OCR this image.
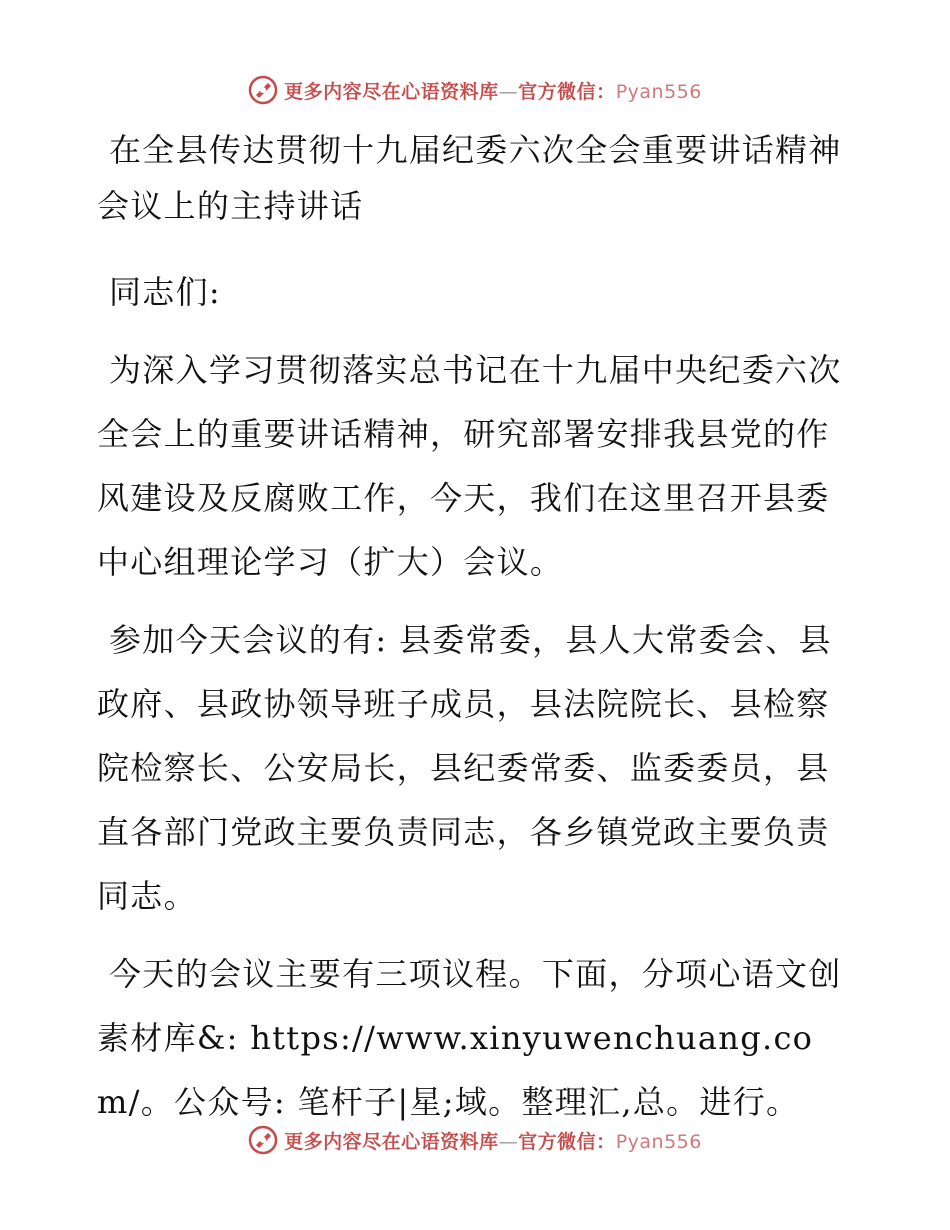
更多内容尽在心语资料库—官方微信：Pyan556

在全县传达贯彻十九届纪委六次全会重要讲话精神会议上的主持讲话

同志们:

为深入学习贯彻落实总书记在十九届中央纪委六次全会上的重要讲话精神，研究部署安排我县党的作风建设及反腐败工作，今天，我们在这里召开县委中心组理论学习（扩大）会议。

参加今天会议的有: 县委常委，县人大常委会、县政府、县政协领导班子成员，县法院院长、县检察院检察长、公安局长，县纪委常委、监委委员，县直各部门党政主要负责同志，各乡镇党政主要负责同志。

今天的会议主要有三项议程。下面，分项心语文创素材库&: https://www.xinyuwenchuang.com/。公众号: 笔杆子|星;域。整理汇,总。进行。

更多内容尽在心语资料库—官方微信：Pyan556
